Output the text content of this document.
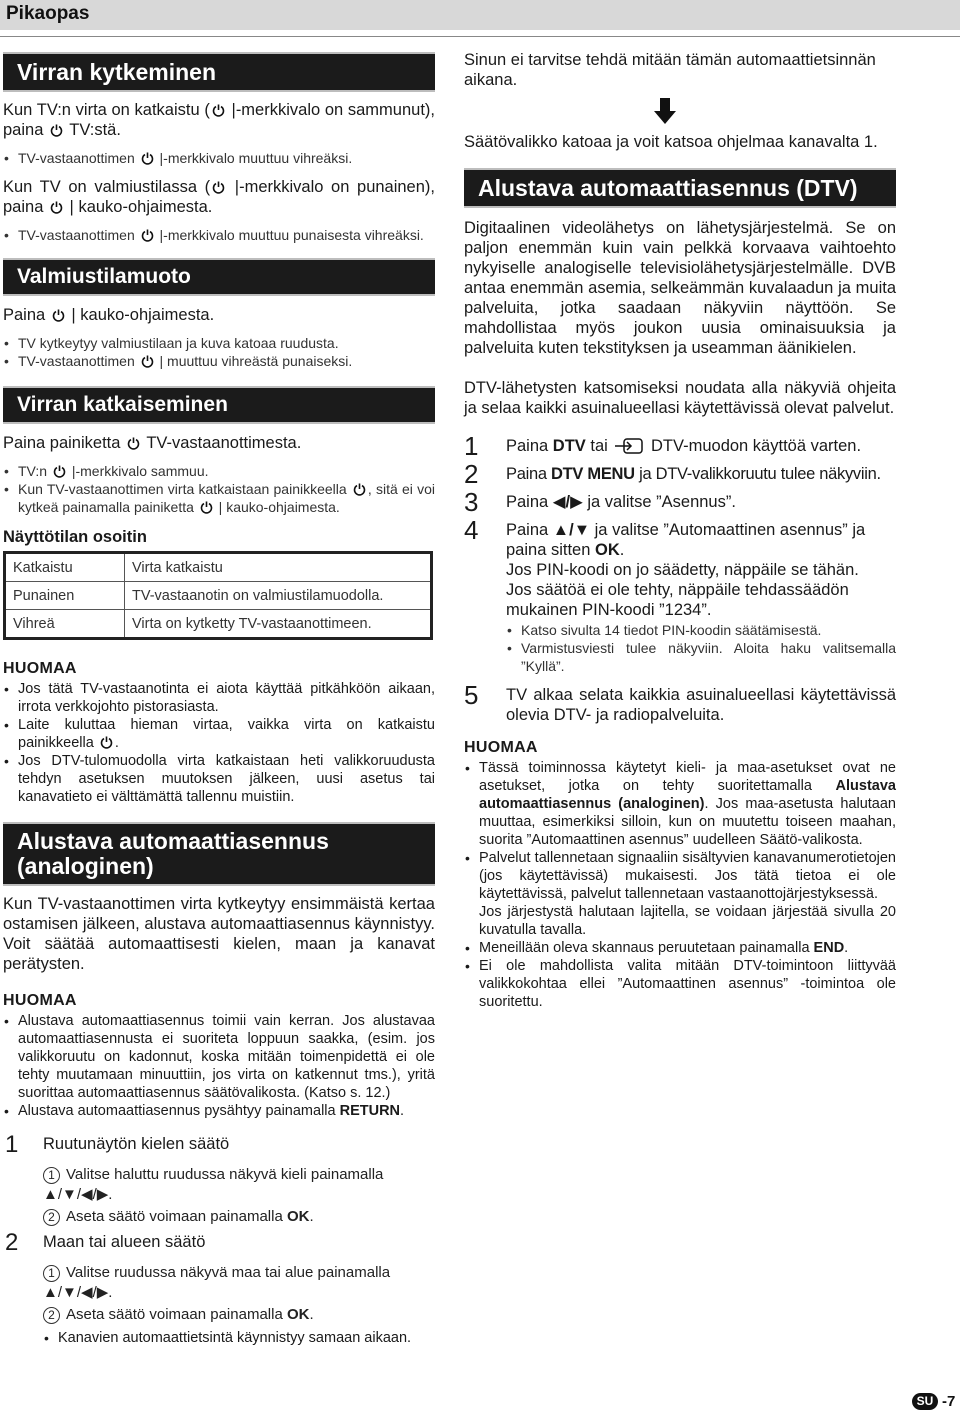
Pikaopas
Virran kytkeminen

Kun TV:n virta on katkaistu (
|-merkkivalo on sammunut), paina TV:stä.

• TV-vastaanottimen
|-merkkivalo muuttuu vihreäksi.

Kun TV on valmiustilassa (
|-merkkivalo on punainen), paina
| kauko-ohjaimesta.

• TV-vastaanottimen
|-merkkivalo muuttuu punaisesta vihreäksi.
Valmiustilamuoto

Paina
| kauko-ohjaimesta.

• TV kytkeytyy valmiustilaan ja kuva katoaa ruudusta.
• TV-vastaanottimen
| muuttuu vihreästä punaiseksi.
Virran katkaiseminen

Paina painiketta TV-vastaanottimesta.

• TV:n
|-merkkivalo sammuu.
• Kun TV-vastaanottimen virta katkaistaan painikkeella , sitä ei voi kytkeä painamalla painiketta
| kauko-ohjaimesta.
Näyttötilan osoitin
Katkaistu	Virta katkaistu
Punainen	TV-vastaanotin on valmiustilamuodolla.
Vihreä	Virta on kytketty TV-vastaanottimeen.
HUOMAA
• Jos tätä TV-vastaanotinta ei aiota käyttää pitkähköön aikaan, irrota verkkojohto pistorasiasta.
• Laite kuluttaa hieman virtaa, vaikka virta on katkaistu painikkeella .
• Jos DTV-tulomuodolla virta katkaistaan heti valikkoruudusta tehdyn asetuksen muutoksen jälkeen, uusi asetus tai kanavatieto ei välttämättä tallennu muistiin.
Alustava automaattiasennus
(analoginen)

Kun TV-vastaanottimen virta kytkeytyy ensimmäistä kertaa ostamisen jälkeen, alustava automaattiasennus käynnistyy. Voit säätää automaattisesti kielen, maan ja kanavat perätysten.

HUOMAA
• Alustava automaattiasennus toimii vain kerran. Jos alustavaa automaattiasennusta ei suoriteta loppuun saakka, (esim. jos valikkoruutu on kadonnut, koska mitään toimenpidettä ei ole tehty muutamaan minuuttiin, jos virta on katkennut tms.), yritä suorittaa automaattiasennus säätövalikosta. (Katso s. 12.)
• Alustava automaattiasennus pysähtyy painamalla RETURN.
1 Ruutunäytön kielen säätö
1 Valitse haluttu ruudussa näkyvä kieli painamalla
▲/▼/◀/▶.
2 Aseta säätö voimaan painamalla OK.
2 Maan tai alueen säätö
1 Valitse ruudussa näkyvä maa tai alue painamalla
▲/▼/◀/▶.
2 Aseta säätö voimaan painamalla OK.
• Kanavien automaattietsintä käynnistyy samaan aikaan.

Sinun ei tarvitse tehdä mitään tämän automaattietsinnän aikana.

Säätövalikko katoaa ja voit katsoa ohjelmaa kanavalta 1.

Alustava automaattiasennus (DTV)

Digitaalinen videolähetys on lähetysjärjestelmä. Se on paljon enemmän kuin vain pelkkä korvaava vaihtoehto nykyiselle analogiselle televisiolähetysjärjestelmälle. DVB antaa enemmän asemia, selkeämmän kuvalaadun ja muita palveluita, jotka saadaan näkyviin näyttöön. Se mahdollistaa myös joukon uusia ominaisuuksia ja palveluita kuten tekstityksen ja useamman äänikielen.

DTV-lähetysten katsomiseksi noudata alla näkyviä ohjeita ja selaa kaikki asuinalueellasi käytettävissä olevat palvelut.

1 Paina DTV tai	DTV-muodon käyttöä varten.
2 Paina DTV MENU ja DTV-valikkoruutu tulee näkyviin.
3 Paina ◀/▶ ja valitse ”Asennus”.
4 Paina ▲/▼ ja valitse ”Automaattinen asennus” ja paina sitten OK.
Jos PIN-koodi on jo säädetty, näppäile se tähän.
Jos säätöä ei ole tehty, näppäile tehdassäädön mukainen PIN-koodi ”1234”.
• Katso sivulta 14 tiedot PIN-koodin säätämisestä.
• Varmistusviesti tulee näkyviin. Aloita haku valitsemalla ”Kyllä”.
5 TV alkaa selata kaikkia asuinalueellasi käytettävissä olevia DTV- ja radiopalveluita.
HUOMAA
• Tässä toiminnossa käytetyt kieli- ja maa-asetukset ovat ne asetukset, jotka on tehty suoritettamalla Alustava automaattiasennus (analoginen). Jos maa-asetusta halutaan muuttaa, esimerkiksi silloin, kun on muutettu toiseen maahan, suorita ”Automaattinen asennus” uudelleen Säätö-valikosta.
• Palvelut tallennetaan signaaliin sisältyvien kanavanumerotietojen (jos käytettävissä) mukaisesti. Jos tätä tietoa ei ole käytettävissä, palvelut tallennetaan vastaanottojärjestyksessä.
Jos järjestystä halutaan lajitella, se voidaan järjestää sivulla 20 kuvatulla tavalla.
• Meneillään oleva skannaus peruutetaan painamalla END.
• Ei ole mahdollista valita mitään DTV-toimintoon liittyvää valikkokohtaa ellei ”Automaattinen asennus” -toimintoa ole suoritettu.
SU -7
